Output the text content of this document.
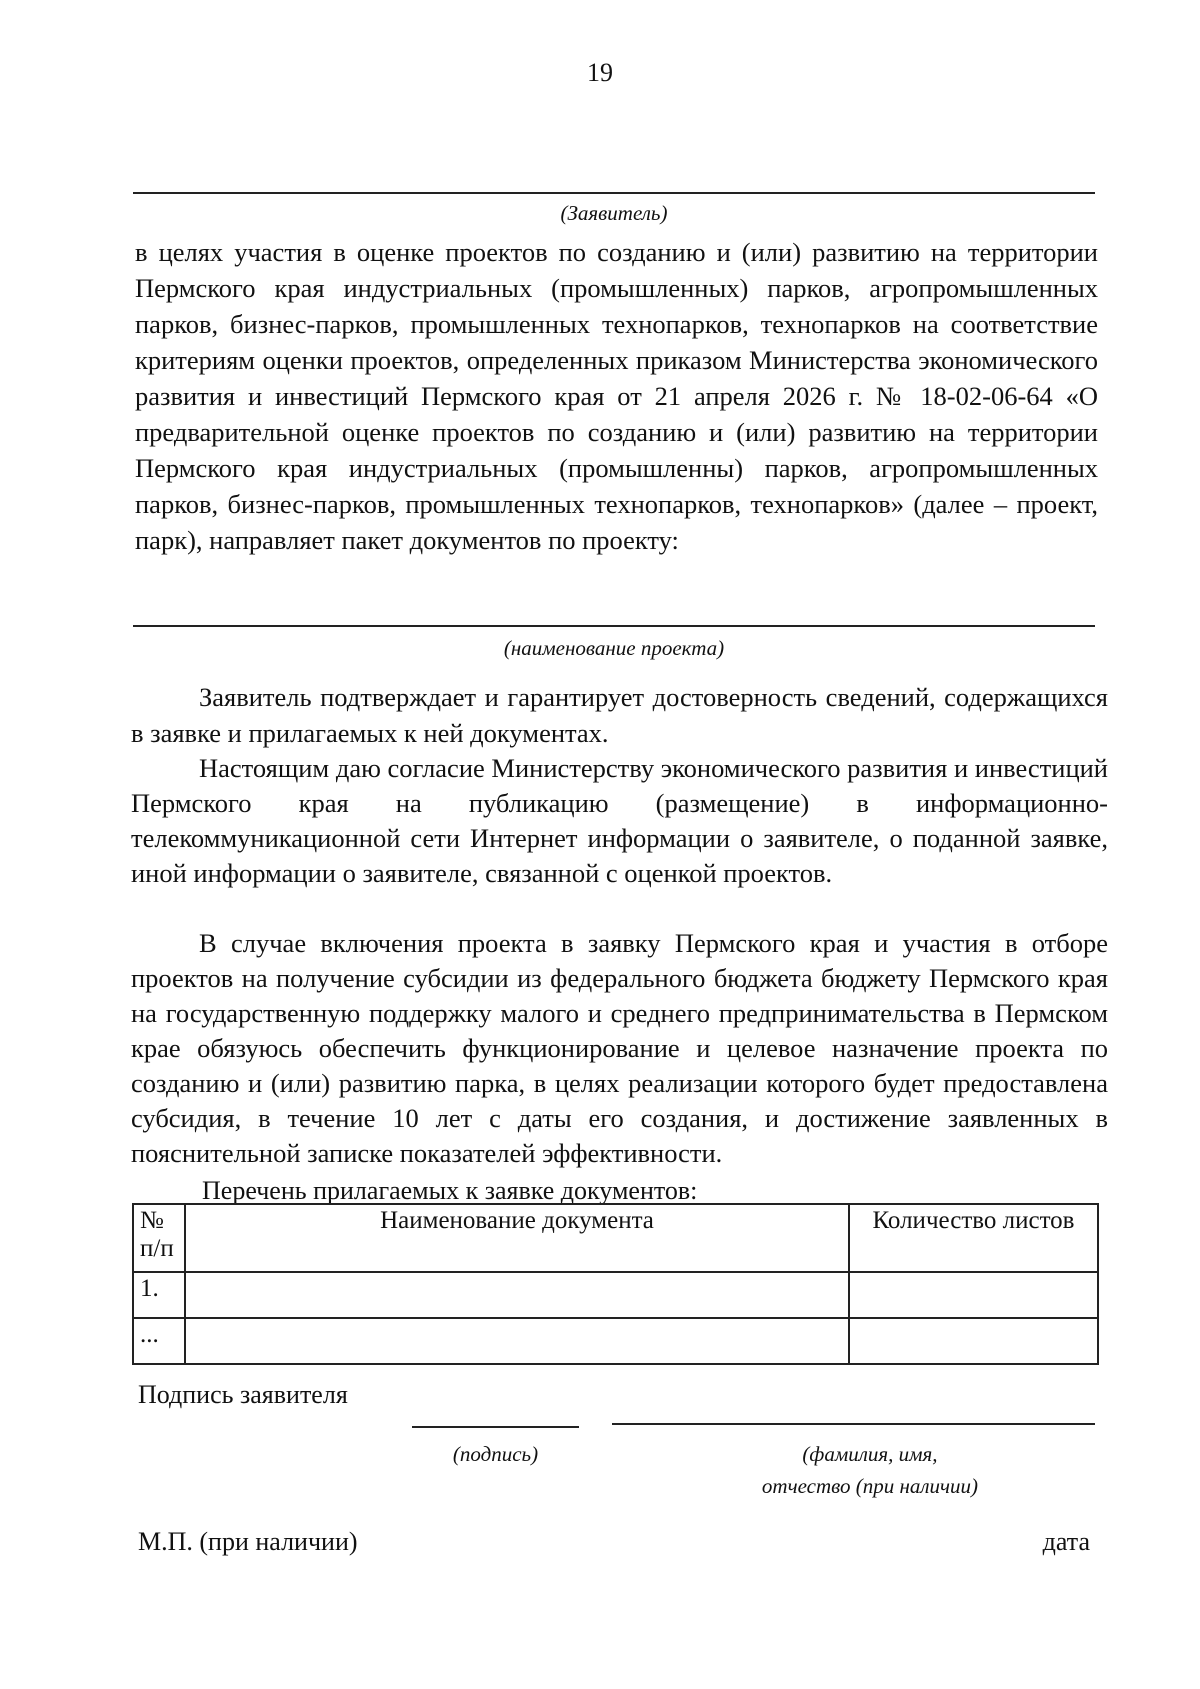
19
(Заявитель)

в целях участия в оценке проектов по созданию и (или) развитию на территории Пермского края индустриальных (промышленных) парков, агропромышленных парков, бизнес-парков, промышленных технопарков, технопарков на соответствие критериям оценки проектов, определенных приказом Министерства экономического развития и инвестиций Пермского края от 21 апреля 2026 г. № 18-02-06-64 «О предварительной оценке проектов по созданию и (или) развитию на территории Пермского края индустриальных (промышленны) парков, агропромышленных парков, бизнес-парков, промышленных технопарков, технопарков» (далее – проект, парк), направляет пакет документов по проекту:

(наименование проекта)

Заявитель подтверждает и гарантирует достоверность сведений, содержащихся в заявке и прилагаемых к ней документах.

Настоящим даю согласие Министерству экономического развития и инвестиций Пермского края на публикацию (размещение) в информационно-телекоммуникационной сети Интернет информации о заявителе, о поданной заявке, иной информации о заявителе, связанной с оценкой проектов.

В случае включения проекта в заявку Пермского края и участия в отборе проектов на получение субсидии из федерального бюджета бюджету Пермского края на государственную поддержку малого и среднего предпринимательства в Пермском крае обязуюсь обеспечить функционирование и целевое назначение проекта по созданию и (или) развитию парка, в целях реализации которого будет предоставлена субсидия, в течение 10 лет с даты его создания, и достижение заявленных в пояснительной записке показателей эффективности.

Перечень прилагаемых к заявке документов:
№ п/п	Наименование документа	Количество листов
1.		
...		
Подпись заявителя
(подпись)	(фамилия, имя,
отчество (при наличии)
М.П. (при наличии)	дата
